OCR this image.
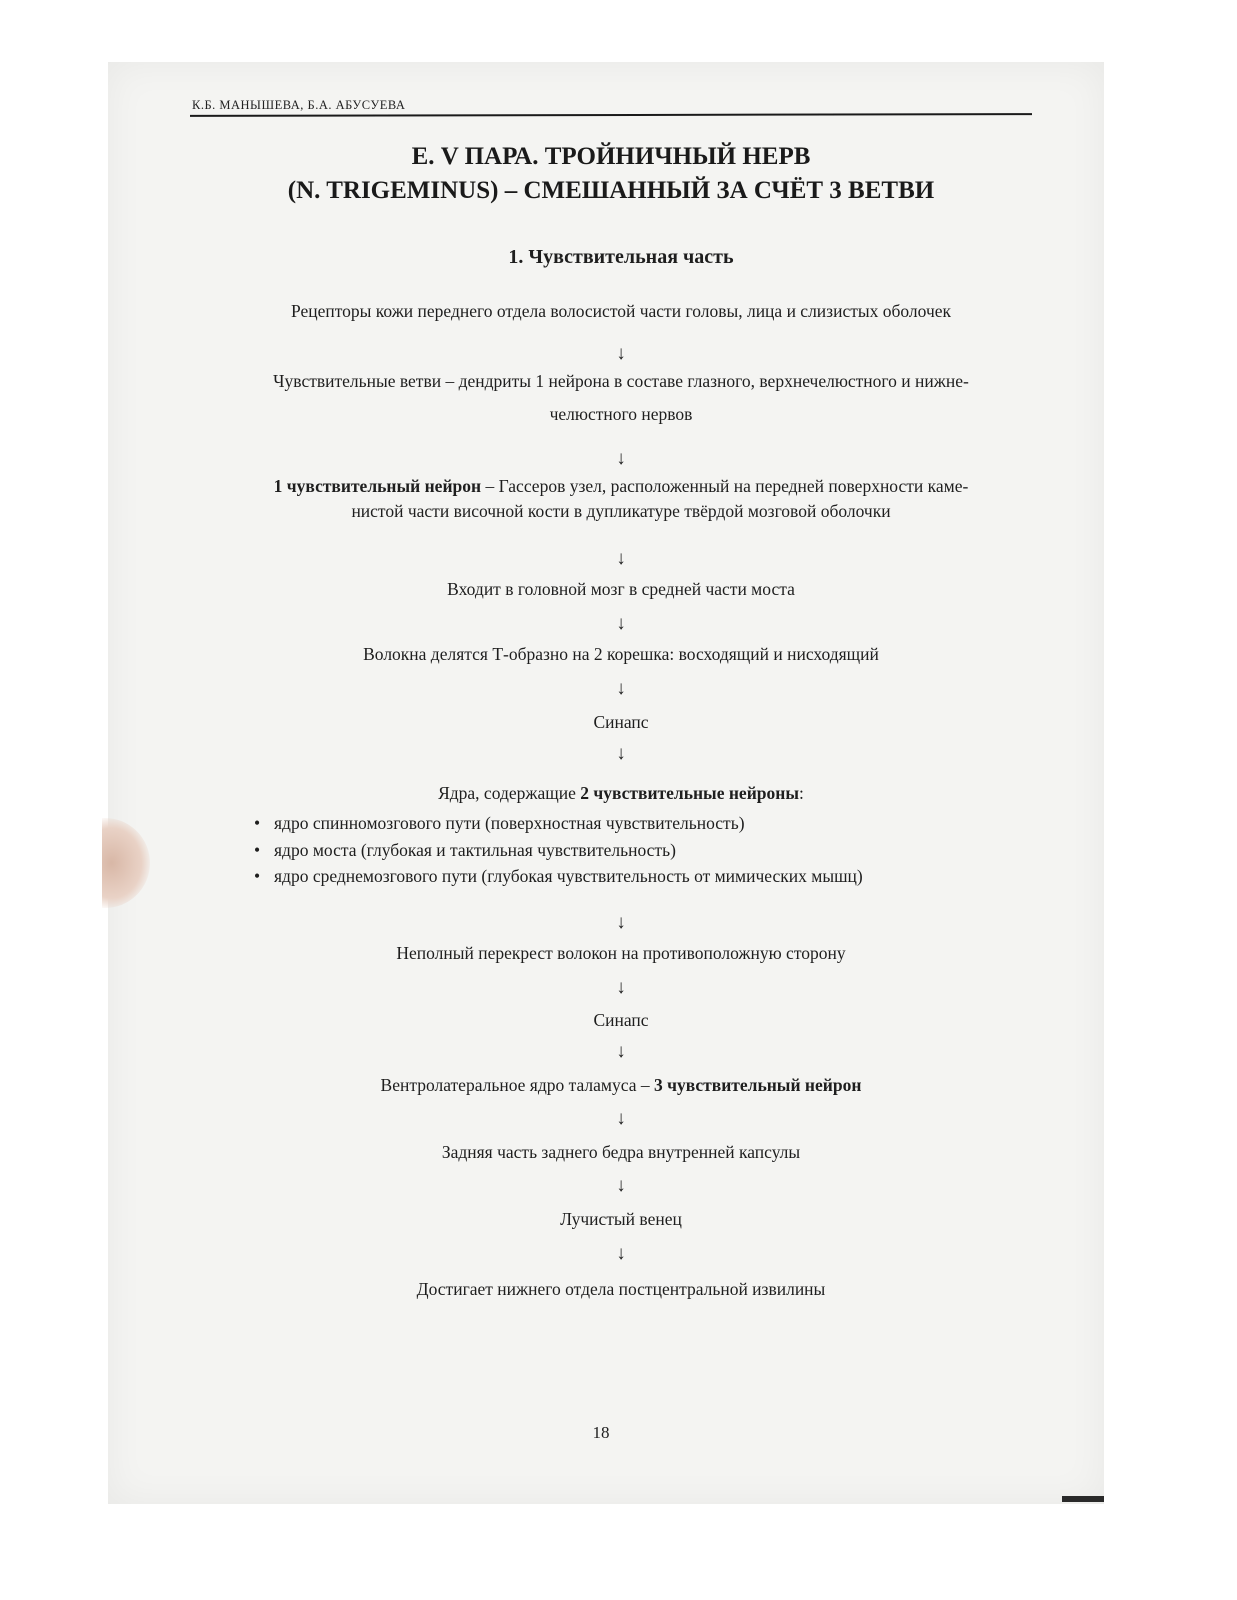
К.Б. МАНЫШЕВА, Б.А. АБУСУЕВА
Е. V ПАРА. ТРОЙНИЧНЫЙ НЕРВ
(N. TRIGEMINUS) – СМЕШАННЫЙ ЗА СЧЁТ 3 ВЕТВИ
1. Чувствительная часть
Рецепторы кожи переднего отдела волосистой части головы, лица и слизистых оболочек
↓
Чувствительные ветви – дендриты 1 нейрона в составе глазного, верхнечелюстного и нижне-
челюстного нервов
↓
1 чувствительный нейрон – Гассеров узел, расположенный на передней поверхности каме-
нистой части височной кости в дупликатуре твёрдой мозговой оболочки
↓
Входит в головной мозг в средней части моста
↓
Волокна делятся Т-образно на 2 корешка: восходящий и нисходящий
↓
Синапс
↓
Ядра, содержащие 2 чувствительные нейроны:
• ядро спинномозгового пути (поверхностная чувствительность)
• ядро моста (глубокая и тактильная чувствительность)
• ядро среднемозгового пути (глубокая чувствительность от мимических мышц)
↓
Неполный перекрест волокон на противоположную сторону
↓
Синапс
↓
Вентролатеральное ядро таламуса – 3 чувствительный нейрон
↓
Задняя часть заднего бедра внутренней капсулы
↓
Лучистый венец
↓
Достигает нижнего отдела постцентральной извилины
18
